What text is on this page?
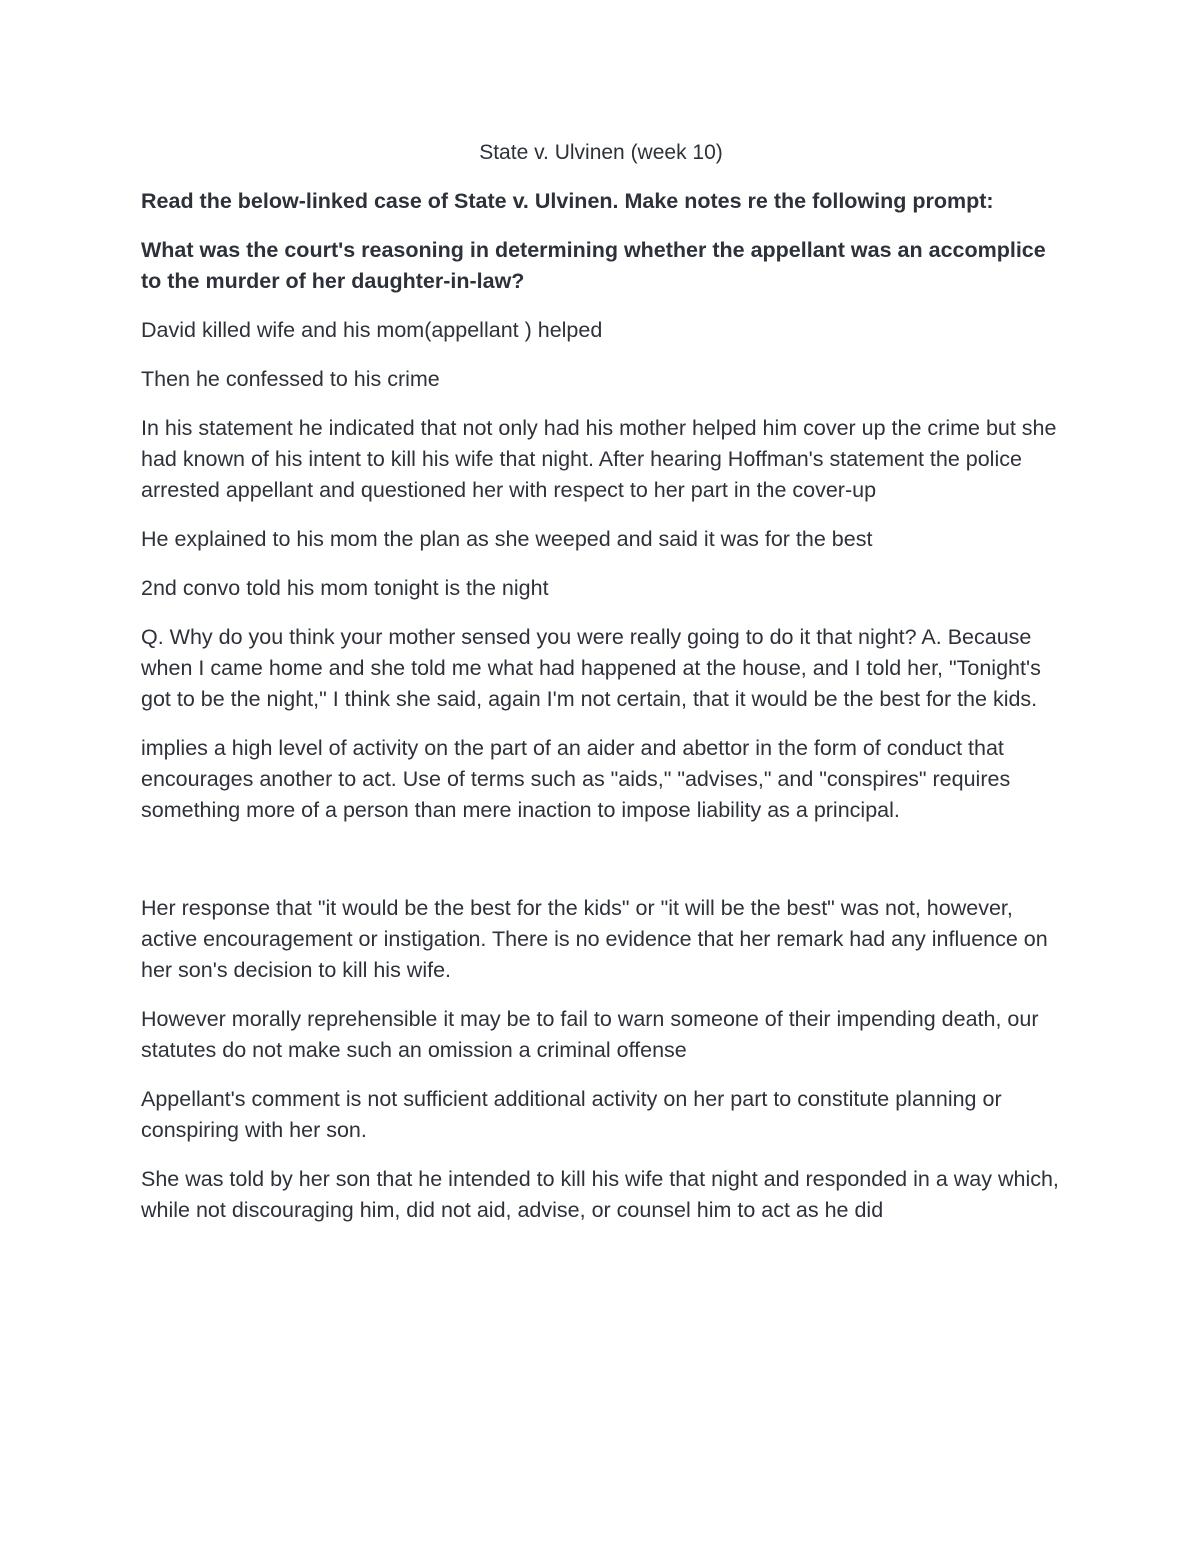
State v. Ulvinen (week 10)

Read the below-linked case of State v. Ulvinen. Make notes re the following prompt:

What was the court's reasoning in determining whether the appellant was an accomplice to the murder of her daughter-in-law?

David killed wife and his mom(appellant ) helped

Then he confessed to his crime

In his statement he indicated that not only had his mother helped him cover up the crime but she had known of his intent to kill his wife that night. After hearing Hoffman's statement the police arrested appellant and questioned her with respect to her part in the cover-up

He explained to his mom the plan as she weeped and said it was for the best

2nd convo told his mom tonight is the night

Q. Why do you think your mother sensed you were really going to do it that night? A. Because when I came home and she told me what had happened at the house, and I told her, "Tonight's got to be the night," I think she said, again I'm not certain, that it would be the best for the kids.

implies a high level of activity on the part of an aider and abettor in the form of conduct that encourages another to act. Use of terms such as "aids," "advises," and "conspires" requires something more of a person than mere inaction to impose liability as a principal.

Her response that "it would be the best for the kids" or "it will be the best" was not, however, active encouragement or instigation. There is no evidence that her remark had any influence on her son's decision to kill his wife.

However morally reprehensible it may be to fail to warn someone of their impending death, our statutes do not make such an omission a criminal offense

Appellant's comment is not sufficient additional activity on her part to constitute planning or conspiring with her son.

She was told by her son that he intended to kill his wife that night and responded in a way which, while not discouraging him, did not aid, advise, or counsel him to act as he did
